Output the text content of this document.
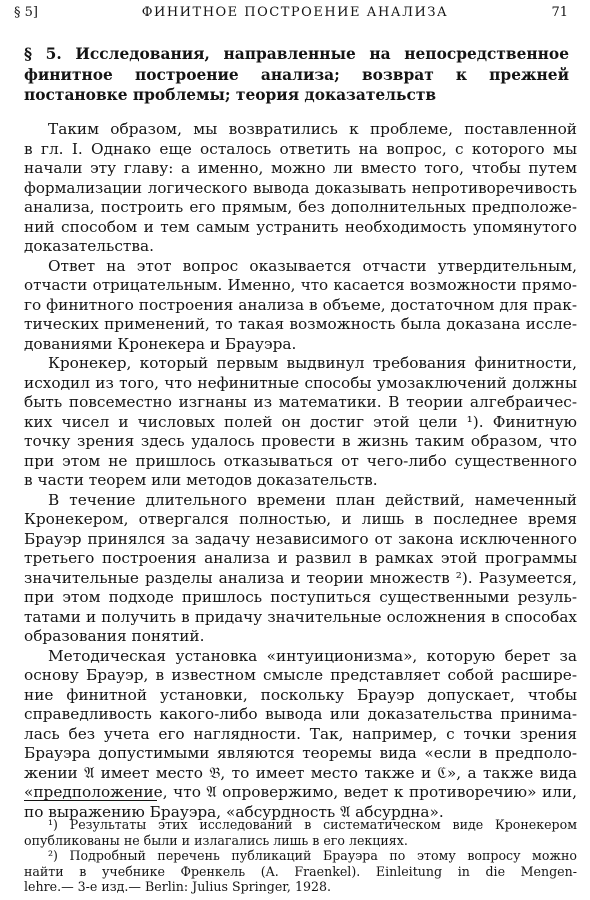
§ 5]	ФИНИТНОЕ ПОСТРОЕНИЕ АНАЛИЗА	71
§ 5. Исследования, направленные на непосредственное
финитное построение анализа; возврат к прежней
постановке проблемы; теория доказательств
Таким образом, мы возвратились к проблеме, поставленной
в гл. I. Однако еще осталось ответить на вопрос, с которого мы
начали эту главу: а именно, можно ли вместо того, чтобы путем
формализации логического вывода доказывать непротиворечивость
анализа, построить его прямым, без дополнительных предположе-
ний способом и тем самым устранить необходимость упомянутого
доказательства.
Ответ на этот вопрос оказывается отчасти утвердительным,
отчасти отрицательным. Именно, что касается возможности прямо-
го финитного построения анализа в объеме, достаточном для прак-
тических применений, то такая возможность была доказана иссле-
дованиями Кронекера и Брауэра.
Кронекер, который первым выдвинул требования финитности,
исходил из того, что нефинитные способы умозаключений должны
быть повсеместно изгнаны из математики. В теории алгебраичес-
ких чисел и числовых полей он достиг этой цели ¹). Финитную
точку зрения здесь удалось провести в жизнь таким образом, что
при этом не пришлось отказываться от чего-либо существенного
в части теорем или методов доказательств.
В течение длительного времени план действий, намеченный
Кронекером, отвергался полностью, и лишь в последнее время
Брауэр принялся за задачу независимого от закона исключенного
третьего построения анализа и развил в рамках этой программы
значительные разделы анализа и теории множеств ²). Разумеется,
при этом подходе пришлось поступиться существенными резуль-
татами и получить в придачу значительные осложнения в способах
образования понятий.
Методическая установка «интуиционизма», которую берет за
основу Брауэр, в известном смысле представляет собой расшире-
ние финитной установки, поскольку Брауэр допускает, чтобы
справедливость какого-либо вывода или доказательства принима-
лась без учета его наглядности. Так, например, с точки зрения
Брауэра допустимыми являются теоремы вида «если в предполо-
жении 𝔄 имеет место 𝔅, то имеет место также и ℭ», а также вида
«предположение, что 𝔄 опровержимо, ведет к противоречию» или,
по выражению Брауэра, «абсурдность 𝔄 абсурдна».
¹) Результаты этих исследований в систематическом виде Кронекером
опубликованы не были и излагались лишь в его лекциях.
²) Подробный перечень публикаций Брауэра по этому вопросу можно
найти в учебнике Френкель (A. Fraenkel). Einleitung in die Mengen-
lehre.— 3-е изд.— Berlin: Julius Springer, 1928.
